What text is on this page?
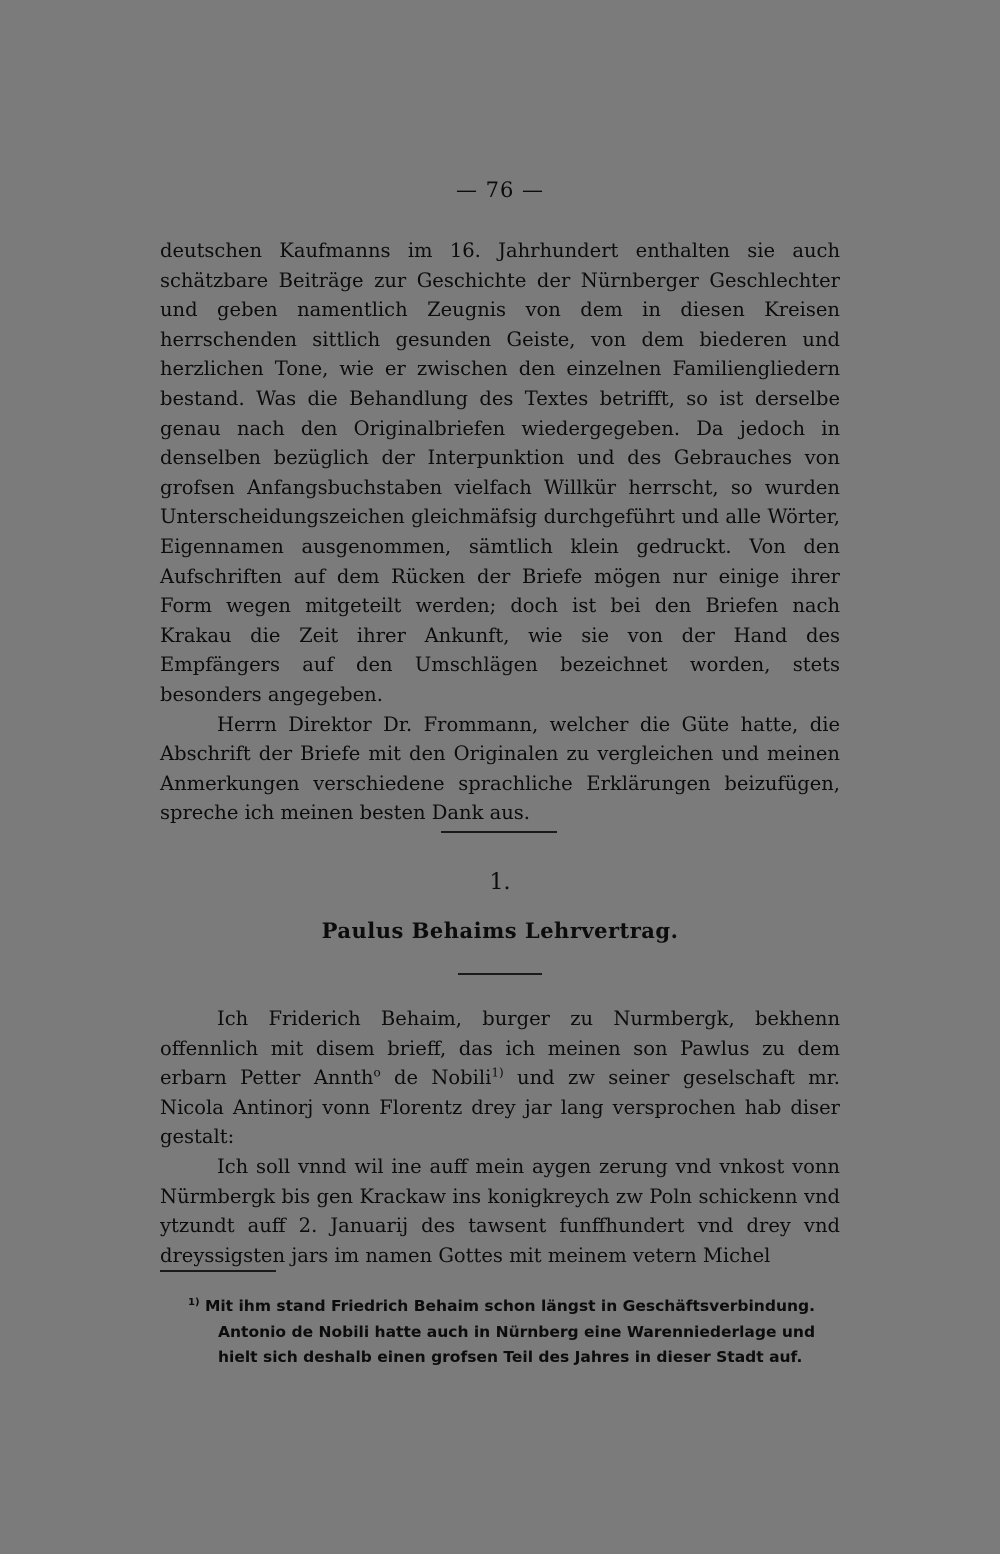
— 76 —

deutschen Kaufmanns im 16. Jahrhundert enthalten sie auch schätzbare Beiträge zur Geschichte der Nürnberger Geschlechter und geben namentlich Zeugnis von dem in diesen Kreisen herrschenden sittlich gesunden Geiste, von dem biederen und herzlichen Tone, wie er zwischen den einzelnen Familiengliedern bestand. Was die Behandlung des Textes betrifft, so ist derselbe genau nach den Originalbriefen wiedergegeben. Da jedoch in denselben bezüglich der Interpunktion und des Gebrauches von grofsen Anfangsbuchstaben vielfach Willkür herrscht, so wurden Unterscheidungszeichen gleichmäfsig durchgeführt und alle Wörter, Eigennamen ausgenommen, sämtlich klein gedruckt. Von den Aufschriften auf dem Rücken der Briefe mögen nur einige ihrer Form wegen mitgeteilt werden; doch ist bei den Briefen nach Krakau die Zeit ihrer Ankunft, wie sie von der Hand des Empfängers auf den Umschlägen bezeichnet worden, stets besonders angegeben.

Herrn Direktor Dr. Frommann, welcher die Güte hatte, die Abschrift der Briefe mit den Originalen zu vergleichen und meinen Anmerkungen verschiedene sprachliche Erklärungen beizufügen, spreche ich meinen besten Dank aus.

1.
Paulus Behaims Lehrvertrag.

Ich Friderich Behaim, burger zu Nurmbergk, bekhenn offennlich mit disem brieff, das ich meinen son Pawlus zu dem erbarn Petter Annth$^o$ de Nobili$^{1)}$ und zw seiner geselschaft mr. Nicola Antinorj vonn Florentz drey jar lang versprochen hab diser gestalt:

Ich soll vnnd wil ine auff mein aygen zerung vnd vnkost vonn Nürmbergk bis gen Krackaw ins konigkreych zw Poln schickenn vnd ytzundt auff 2. Januarij des tawsent funffhundert vnd drey vnd dreyssigsten jars im namen Gottes mit meinem vetern Michel

$^{1)}$ Mit ihm stand Friedrich Behaim schon längst in Geschäftsverbindung.
Antonio de Nobili hatte auch in Nürnberg eine Warenniederlage und
hielt sich deshalb einen grofsen Teil des Jahres in dieser Stadt auf.
